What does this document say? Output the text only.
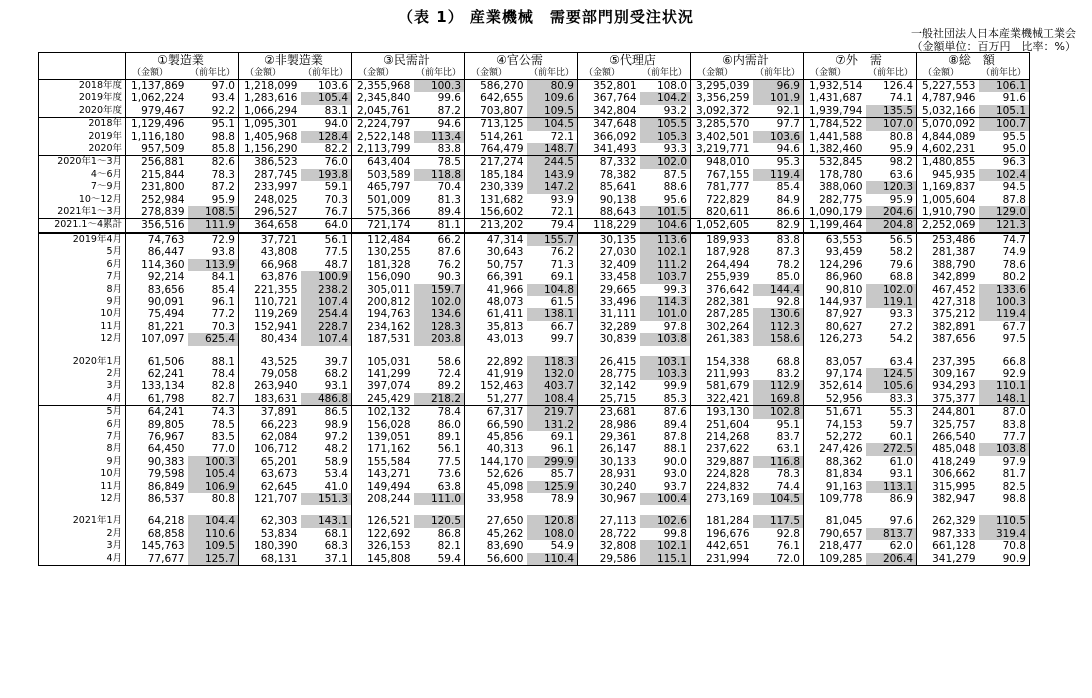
（表 1） 産業機械　需要部門別受注状況
一般社団法人日本産業機械工業会
（金額単位：百万円　比率：%）
	①製造業		②非製造業		③民需計		④官公需		⑤代理店		⑥内需計		⑦外　需		⑧総　額	
	（金額）	（前年比）	（金額）	（前年比）	（金額）	（前年比）	（金額）	（前年比）	（金額）	（前年比）	（金額）	（前年比）	（金額）	（前年比）	（金額）	（前年比）
2018年度	1,137,869	97.0	1,218,099	103.6	2,355,968	100.3	586,270	80.9	352,801	108.0	3,295,039	96.9	1,932,514	126.4	5,227,553	106.1
2019年度	1,062,224	93.4	1,283,616	105.4	2,345,840	99.6	642,655	109.6	367,764	104.2	3,356,259	101.9	1,431,687	74.1	4,787,946	91.6
2020年度	979,467	92.2	1,066,294	83.1	2,045,761	87.2	703,807	109.5	342,804	93.2	3,092,372	92.1	1,939,794	135.5	5,032,166	105.1
2018年	1,129,496	95.1	1,095,301	94.0	2,224,797	94.6	713,125	104.5	347,648	105.5	3,285,570	97.7	1,784,522	107.0	5,070,092	100.7
2019年	1,116,180	98.8	1,405,968	128.4	2,522,148	113.4	514,261	72.1	366,092	105.3	3,402,501	103.6	1,441,588	80.8	4,844,089	95.5
2020年	957,509	85.8	1,156,290	82.2	2,113,799	83.8	764,479	148.7	341,493	93.3	3,219,771	94.6	1,382,460	95.9	4,602,231	95.0
2020年1～3月	256,881	82.6	386,523	76.0	643,404	78.5	217,274	244.5	87,332	102.0	948,010	95.3	532,845	98.2	1,480,855	96.3
4～6月	215,844	78.3	287,745	193.8	503,589	118.8	185,184	143.9	78,382	87.5	767,155	119.4	178,780	63.6	945,935	102.4
7～9月	231,800	87.2	233,997	59.1	465,797	70.4	230,339	147.2	85,641	88.6	781,777	85.4	388,060	120.3	1,169,837	94.5
10～12月	252,984	95.9	248,025	70.3	501,009	81.3	131,682	93.9	90,138	95.6	722,829	84.9	282,775	95.9	1,005,604	87.8
2021年1～3月	278,839	108.5	296,527	76.7	575,366	89.4	156,602	72.1	88,643	101.5	820,611	86.6	1,090,179	204.6	1,910,790	129.0
2021.1～4累計	356,516	111.9	364,658	64.0	721,174	81.1	213,202	79.4	118,229	104.6	1,052,605	82.9	1,199,464	204.8	2,252,069	121.3
2019年4月	74,763	72.9	37,721	56.1	112,484	66.2	47,314	155.7	30,135	113.6	189,933	83.8	63,553	56.5	253,486	74.7
5月	86,447	93.8	43,808	77.5	130,255	87.6	30,643	76.2	27,030	102.1	187,928	87.3	93,459	58.2	281,387	74.9
6月	114,360	113.9	66,968	48.7	181,328	76.2	50,757	71.3	32,409	111.2	264,494	78.2	124,296	79.6	388,790	78.6
7月	92,214	84.1	63,876	100.9	156,090	90.3	66,391	69.1	33,458	103.7	255,939	85.0	86,960	68.8	342,899	80.2
8月	83,656	85.4	221,355	238.2	305,011	159.7	41,966	104.8	29,665	99.3	376,642	144.4	90,810	102.0	467,452	133.6
9月	90,091	96.1	110,721	107.4	200,812	102.0	48,073	61.5	33,496	114.3	282,381	92.8	144,937	119.1	427,318	100.3
10月	75,494	77.2	119,269	254.4	194,763	134.6	61,411	138.1	31,111	101.0	287,285	130.6	87,927	93.3	375,212	119.4
11月	81,221	70.3	152,941	228.7	234,162	128.3	35,813	66.7	32,289	97.8	302,264	112.3	80,627	27.2	382,891	67.7
12月	107,097	625.4	80,434	107.4	187,531	203.8	43,013	99.7	30,839	103.8	261,383	158.6	126,273	54.2	387,656	97.5

2020年1月	61,506	88.1	43,525	39.7	105,031	58.6	22,892	118.3	26,415	103.1	154,338	68.8	83,057	63.4	237,395	66.8
2月	62,241	78.4	79,058	68.2	141,299	72.4	41,919	132.0	28,775	103.3	211,993	83.2	97,174	124.5	309,167	92.9
3月	133,134	82.8	263,940	93.1	397,074	89.2	152,463	403.7	32,142	99.9	581,679	112.9	352,614	105.6	934,293	110.1
4月	61,798	82.7	183,631	486.8	245,429	218.2	51,277	108.4	25,715	85.3	322,421	169.8	52,956	83.3	375,377	148.1
5月	64,241	74.3	37,891	86.5	102,132	78.4	67,317	219.7	23,681	87.6	193,130	102.8	51,671	55.3	244,801	87.0
6月	89,805	78.5	66,223	98.9	156,028	86.0	66,590	131.2	28,986	89.4	251,604	95.1	74,153	59.7	325,757	83.8
7月	76,967	83.5	62,084	97.2	139,051	89.1	45,856	69.1	29,361	87.8	214,268	83.7	52,272	60.1	266,540	77.7
8月	64,450	77.0	106,712	48.2	171,162	56.1	40,313	96.1	26,147	88.1	237,622	63.1	247,426	272.5	485,048	103.8
9月	90,383	100.3	65,201	58.9	155,584	77.5	144,170	299.9	30,133	90.0	329,887	116.8	88,362	61.0	418,249	97.9
10月	79,598	105.4	63,673	53.4	143,271	73.6	52,626	85.7	28,931	93.0	224,828	78.3	81,834	93.1	306,662	81.7
11月	86,849	106.9	62,645	41.0	149,494	63.8	45,098	125.9	30,240	93.7	224,832	74.4	91,163	113.1	315,995	82.5
12月	86,537	80.8	121,707	151.3	208,244	111.0	33,958	78.9	30,967	100.4	273,169	104.5	109,778	86.9	382,947	98.8

2021年1月	64,218	104.4	62,303	143.1	126,521	120.5	27,650	120.8	27,113	102.6	181,284	117.5	81,045	97.6	262,329	110.5
2月	68,858	110.6	53,834	68.1	122,692	86.8	45,262	108.0	28,722	99.8	196,676	92.8	790,657	813.7	987,333	319.4
3月	145,763	109.5	180,390	68.3	326,153	82.1	83,690	54.9	32,808	102.1	442,651	76.1	218,477	62.0	661,128	70.8
4月	77,677	125.7	68,131	37.1	145,808	59.4	56,600	110.4	29,586	115.1	231,994	72.0	109,285	206.4	341,279	90.9
